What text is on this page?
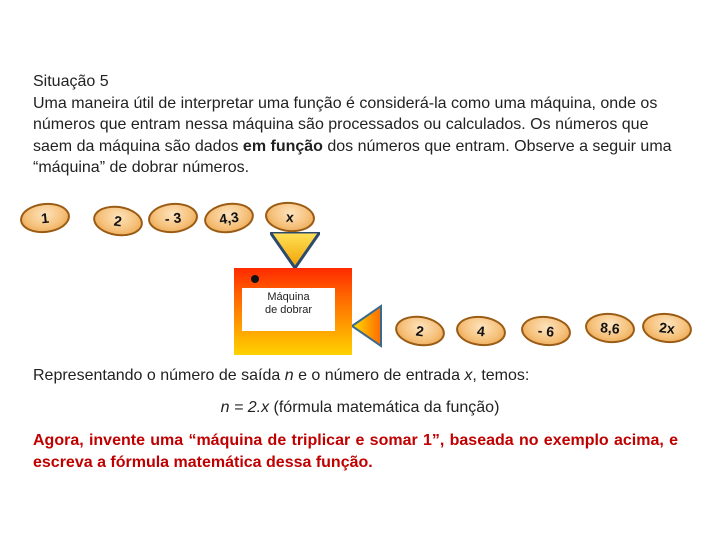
Situação 5

Uma maneira útil de interpretar uma função é considerá-la como uma máquina, onde os números que entram nessa máquina são processados ou calculados. Os números que saem da máquina são dados em função dos números que entram. Observe a seguir uma “máquina” de dobrar números.

1	2	- 3	4,3	x
Máquina
de dobrar
2	4	- 6	8,6	2x
Representando o número de saída n e o número de entrada x, temos:
n = 2.x (fórmula matemática da função)

Agora, invente uma “máquina de triplicar e somar 1”, baseada no exemplo acima, e escreva a fórmula matemática dessa função.
